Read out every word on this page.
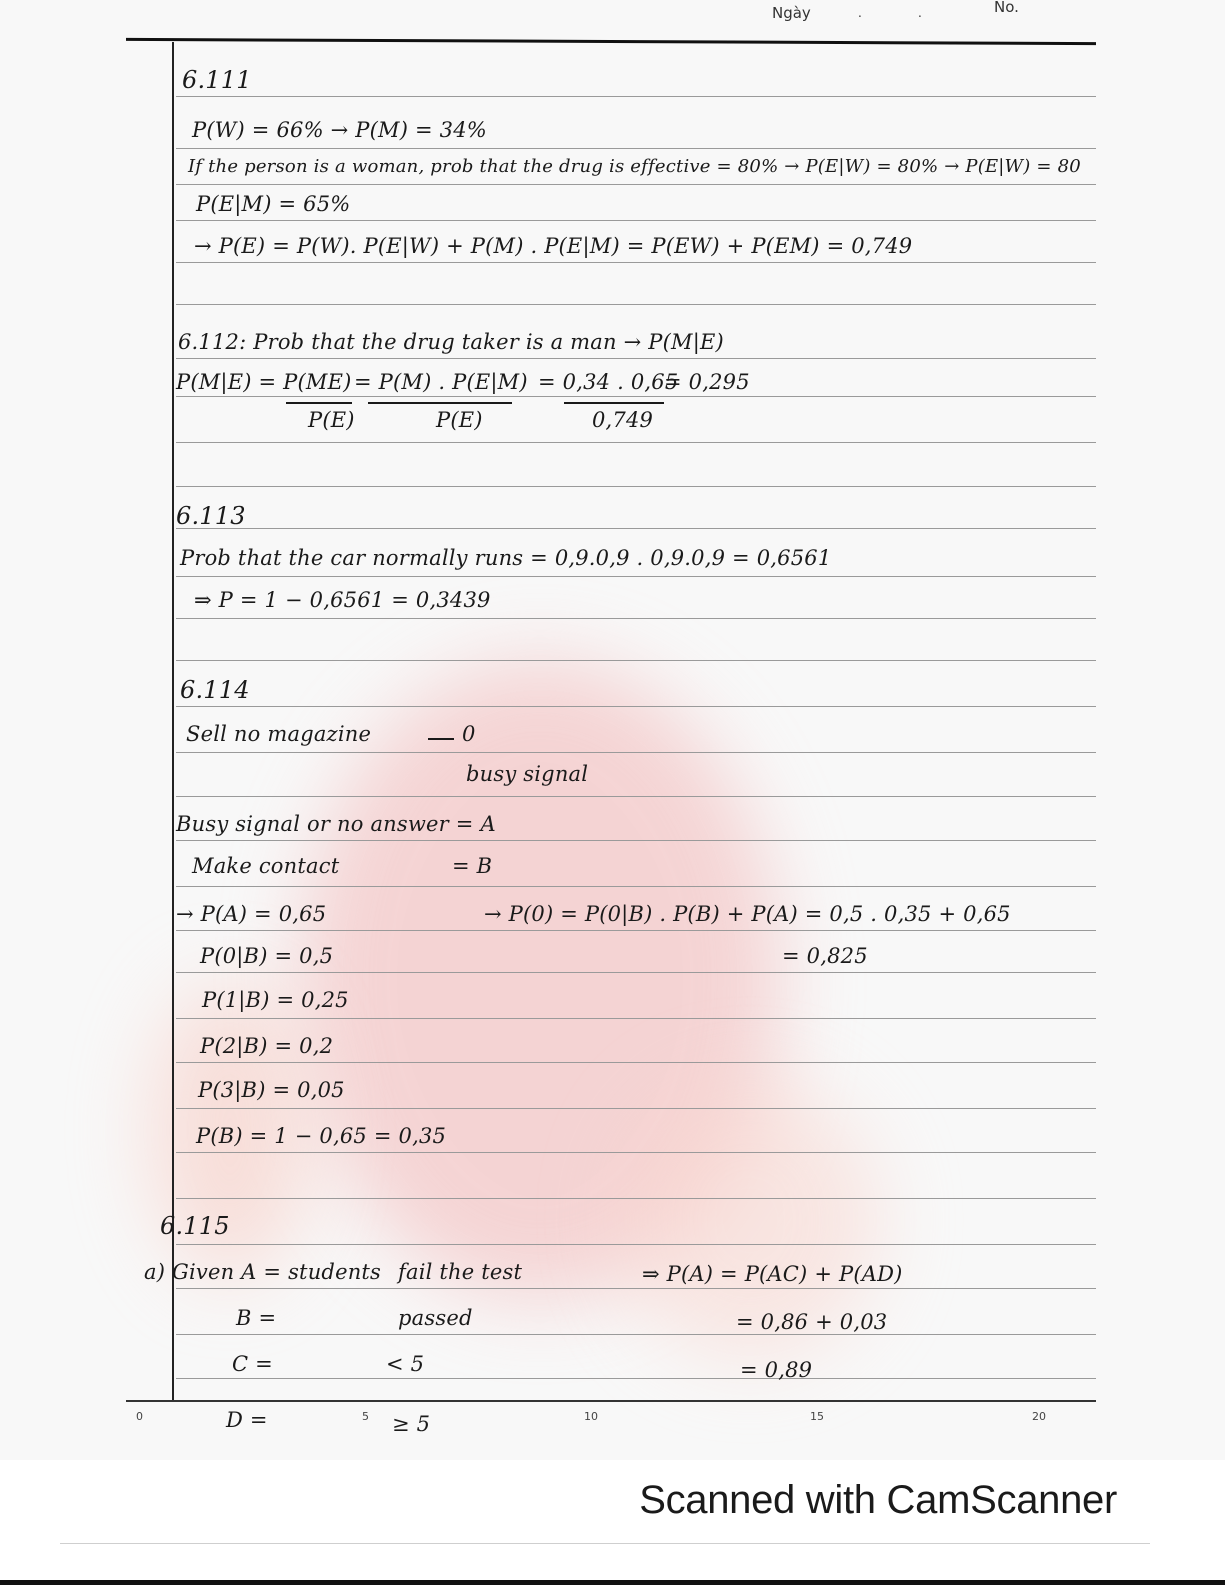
Ngày	.	.	No.
6.111
P(W) = 66% → P(M) = 34%
If the person is a woman, prob that the drug is effective = 80% → P(E|W) = 80% → P(E|W) = 80
P(E|M) = 65%
→ P(E) = P(W). P(E|W) + P(M) . P(E|M) = P(EW) + P(EM) = 0,749
6.112: Prob that the drug taker is a man → P(M|E)
P(M|E) = P(ME) = P(M) . P(E|M) = 0,34 . 0,65
= 0,295
P(E)	P(E)	0,749
6.113
Prob that the car normally runs = 0,9.0,9 . 0,9.0,9 = 0,6561
⇒ P = 1 − 0,6561 = 0,3439
6.114
Sell no magazine	0
busy signal
Busy signal or no answer = A
Make contact	= B
→ P(A) = 0,65	→ P(0) = P(0|B) . P(B) + P(A) = 0,5 . 0,35 + 0,65
= 0,825
P(0|B) = 0,5
P(1|B) = 0,25
P(2|B) = 0,2
P(3|B) = 0,05
P(B) = 1 − 0,65 = 0,35
6.115
a) Given A = students fail the test	⇒ P(A) = P(AC) + P(AD)
B =	passed	= 0,86 + 0,03
C =	< 5	= 0,89
D =	≥ 5
0	5	10	15	20
Scanned with CamScanner
